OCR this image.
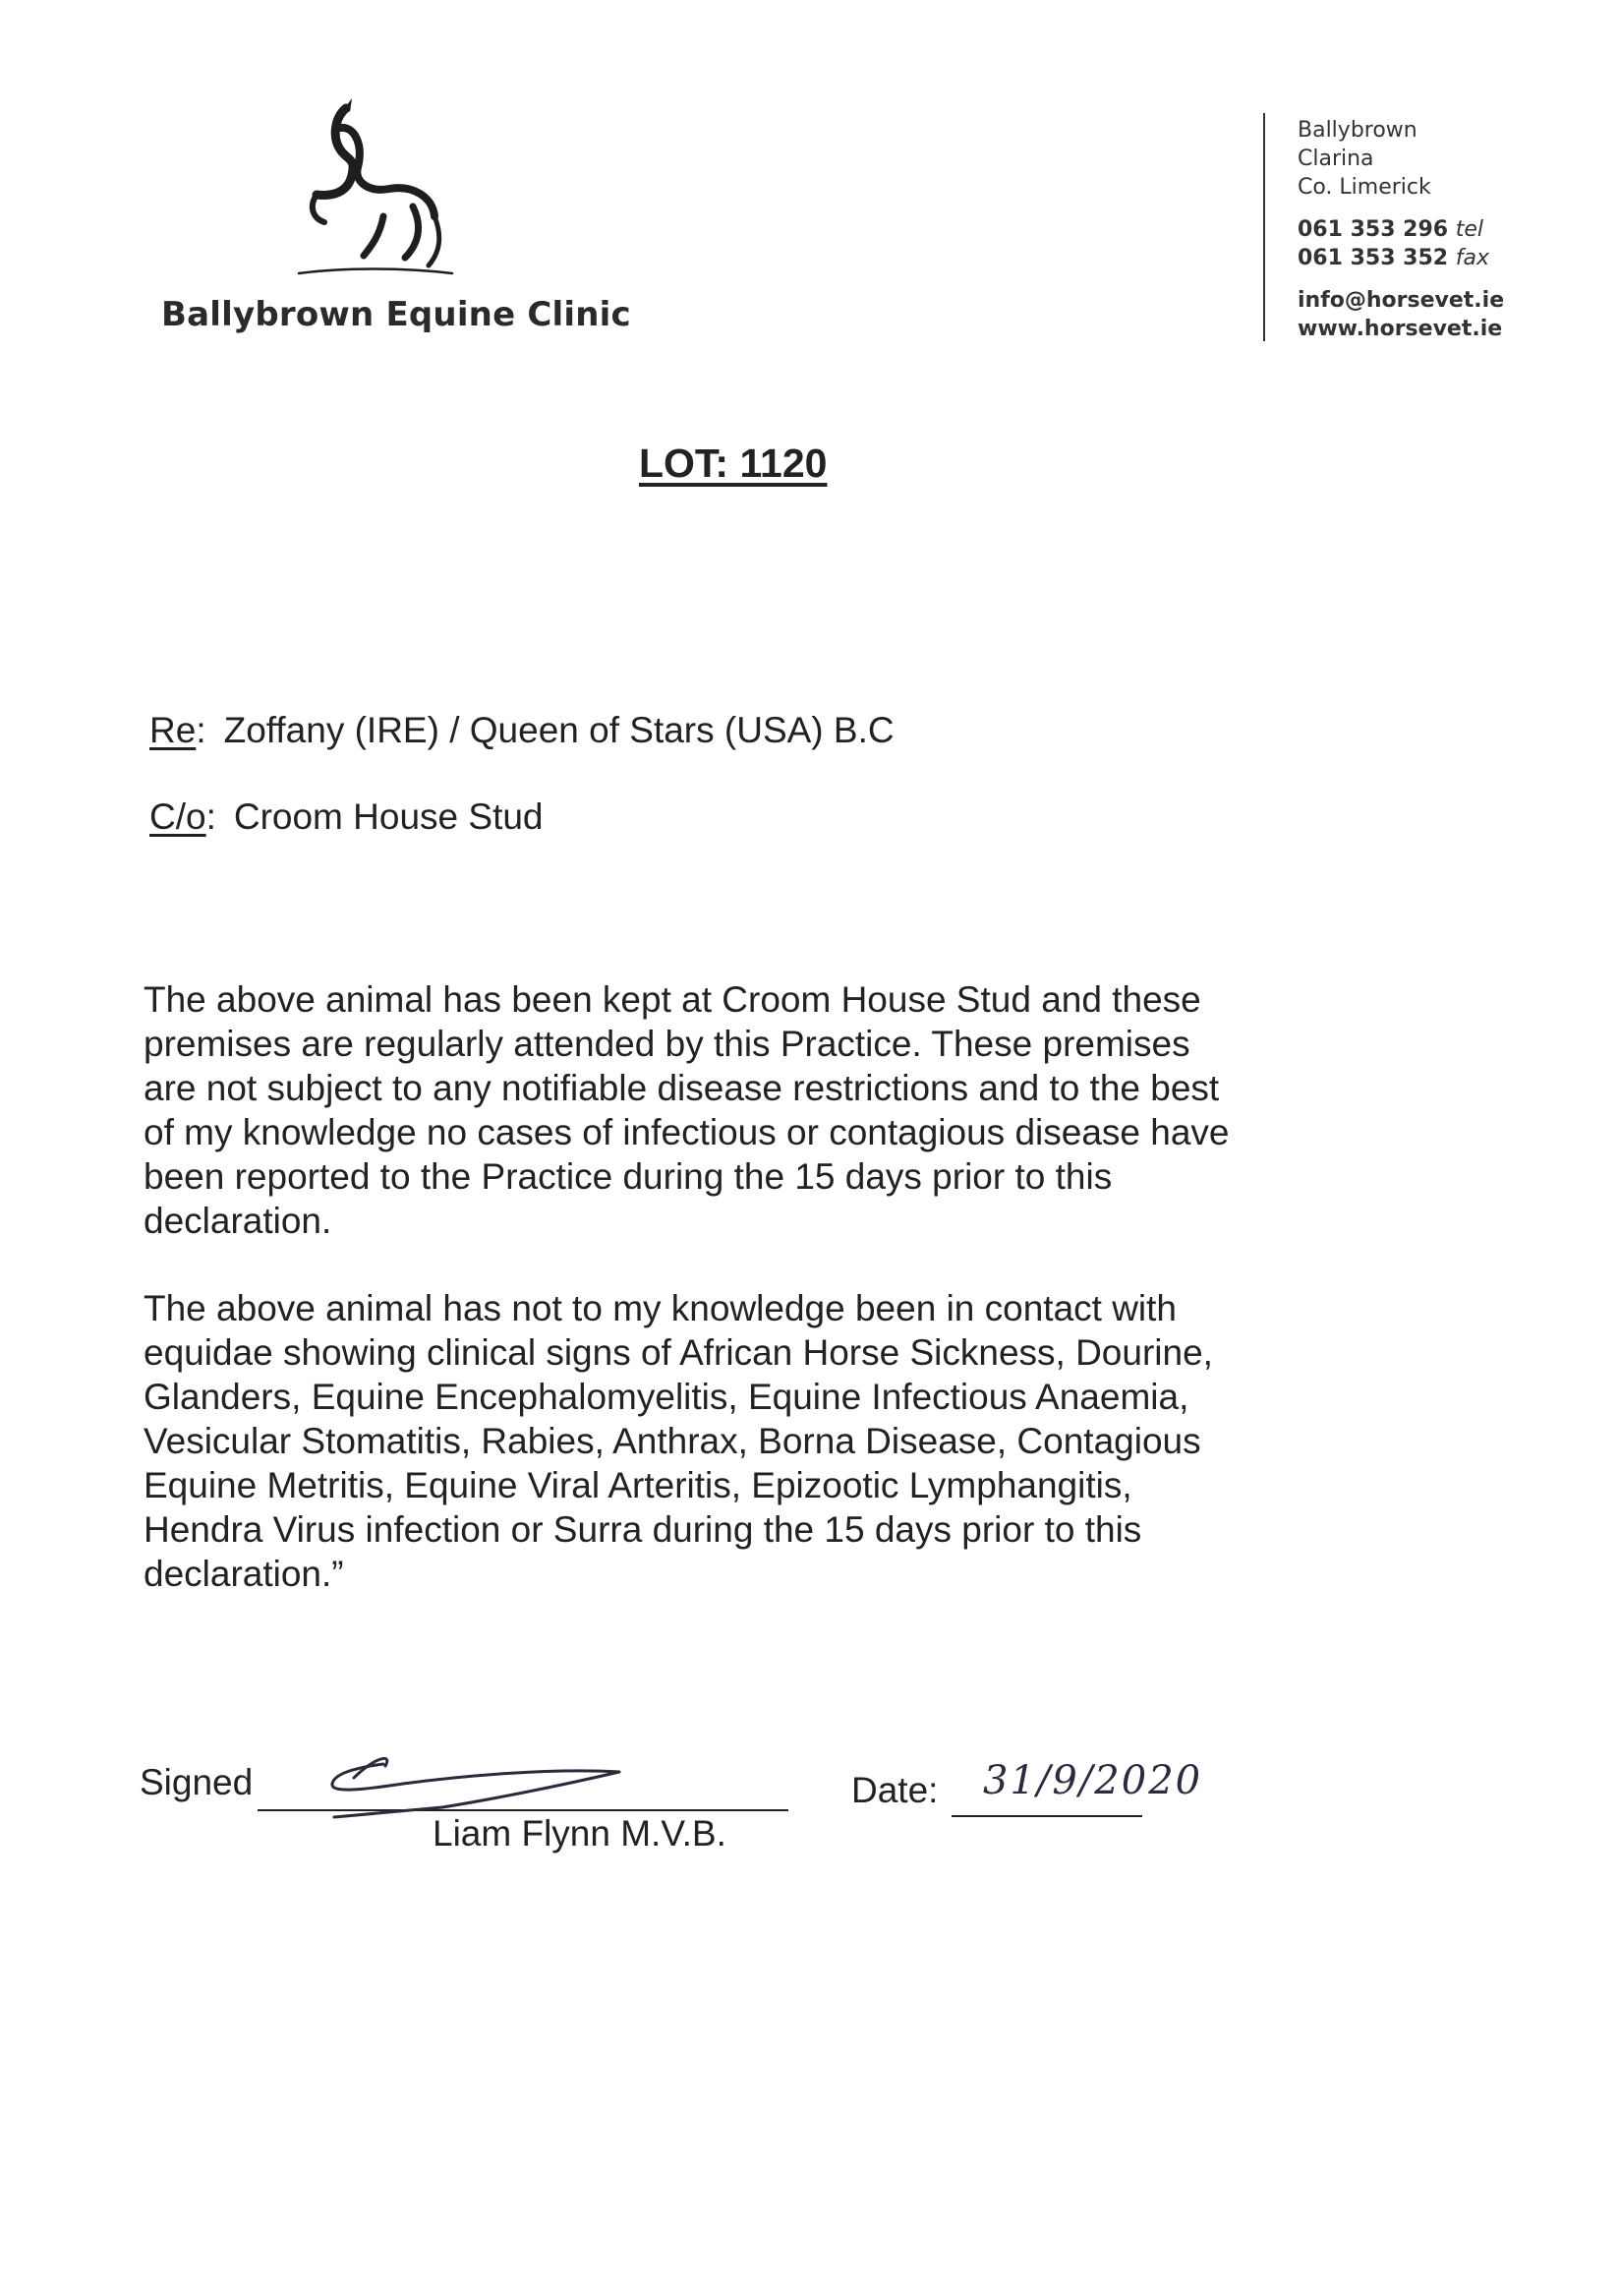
Ballybrown Equine Clinic
Ballybrown
Clarina
Co. Limerick
061 353 296 tel
061 353 352 fax
info@horsevet.ie
www.horsevet.ie
LOT: 1120
Re: Zoffany (IRE) / Queen of Stars (USA) B.C
C/o: Croom House Stud
The above animal has been kept at Croom House Stud and these
premises are regularly attended by this Practice. These premises
are not subject to any notifiable disease restrictions and to the best
of my knowledge no cases of infectious or contagious disease have
been reported to the Practice during the 15 days prior to this
declaration.
The above animal has not to my knowledge been in contact with
equidae showing clinical signs of African Horse Sickness, Dourine,
Glanders, Equine Encephalomyelitis, Equine Infectious Anaemia,
Vesicular Stomatitis, Rabies, Anthrax, Borna Disease, Contagious
Equine Metritis, Equine Viral Arteritis, Epizootic Lymphangitis,
Hendra Virus infection or Surra during the 15 days prior to this
declaration.”
Signed
Liam Flynn M.V.B.
Date: 31/9/2020
